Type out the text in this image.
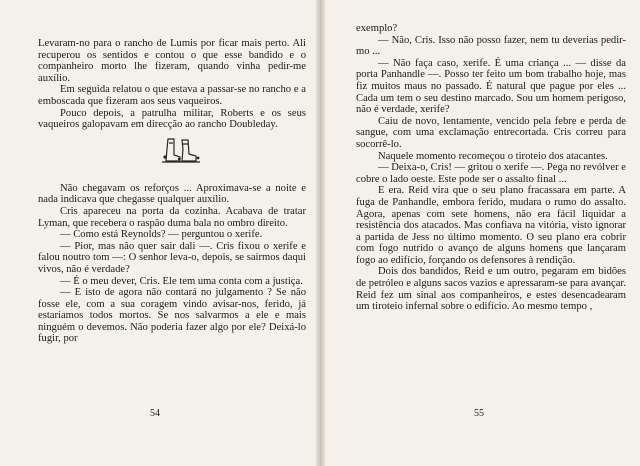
Levaram-no para o rancho de Lumis por ficar mais perto. Ali recuperou os sentidos e contou o que esse bandido e o companheiro morto lhe fizeram, quando vinha pedir-me auxílio.

Em seguida relatou o que estava a passar-se no rancho e a emboscada que fizeram aos seus vaqueiros.

Pouco depois, a patrulha militar, Roberts e os seus vaqueiros galopavam em direcção ao rancho Doubleday.

Não chegavam os reforços ... Aproximava-se a noite e nada indicava que chegasse qualquer auxílio.

Cris apareceu na porta da cozinha. Acabava de tratar Lyman, que recebera o raspão duma bala no ombro direito.

— Como está Reynolds? — perguntou o xerife.

— Pior, mas não quer sair dali —. Cris fixou o xerife e falou noutro tom —: O senhor leva-o, depois, se sairmos daqui vivos, não é verdade?

— É o meu dever, Cris. Ele tem uma conta com a justiça.

— E isto de agora não contará no julgamento ? Se não fosse ele, com a sua coragem vindo avisar-nos, ferido, já estaríamos todos mortos. Se nos salvarmos a ele e mais ninguém o devemos. Não poderia fazer algo por ele? Deixá-lo fugir, por

exemplo?

— Não, Cris. Isso não posso fazer, nem tu deverias pedir-mo ...

— Não faça caso, xerife. É uma criança ... — disse da porta Panhandle —. Posso ter feito um bom trabalho hoje, mas fiz muitos maus no passado. É natural que pague por eles ... Cada um tem o seu destino marcado. Sou um homem perigoso, não é verdade, xerife?

Caiu de novo, lentamente, vencido pela febre e perda de sangue, com uma exclamação entrecortada. Cris correu para socorrê-lo.

Naquele momento recomeçou o tiroteio dos atacantes.

— Deixa-o, Cris! — gritou o xerife —. Pega no revólver e cobre o lado oeste. Este pode ser o assalto final ...

E era. Reid vira que o seu plano fracassara em parte. A fuga de Panhandle, embora ferido, mudara o rumo do assalto. Agora, apenas com sete homens, não era fácil liquidar a resistência dos atacados. Mas confiava na vitória, visto ignorar a partida de Jess no último momento. O seu plano era cobrir com fogo nutrido o avanço de alguns homens que lançaram fogo ao edifício, forçando os defensores à rendição.

Dois dos bandidos, Reid e um outro, pegaram em bidões de petróleo e alguns sacos vazios e apressaram-se para avançar. Reid fez um sinal aos companheiros, e estes desencadearam um tiroteio infernal sobre o edifício. Ao mesmo tempo ,

54	55
